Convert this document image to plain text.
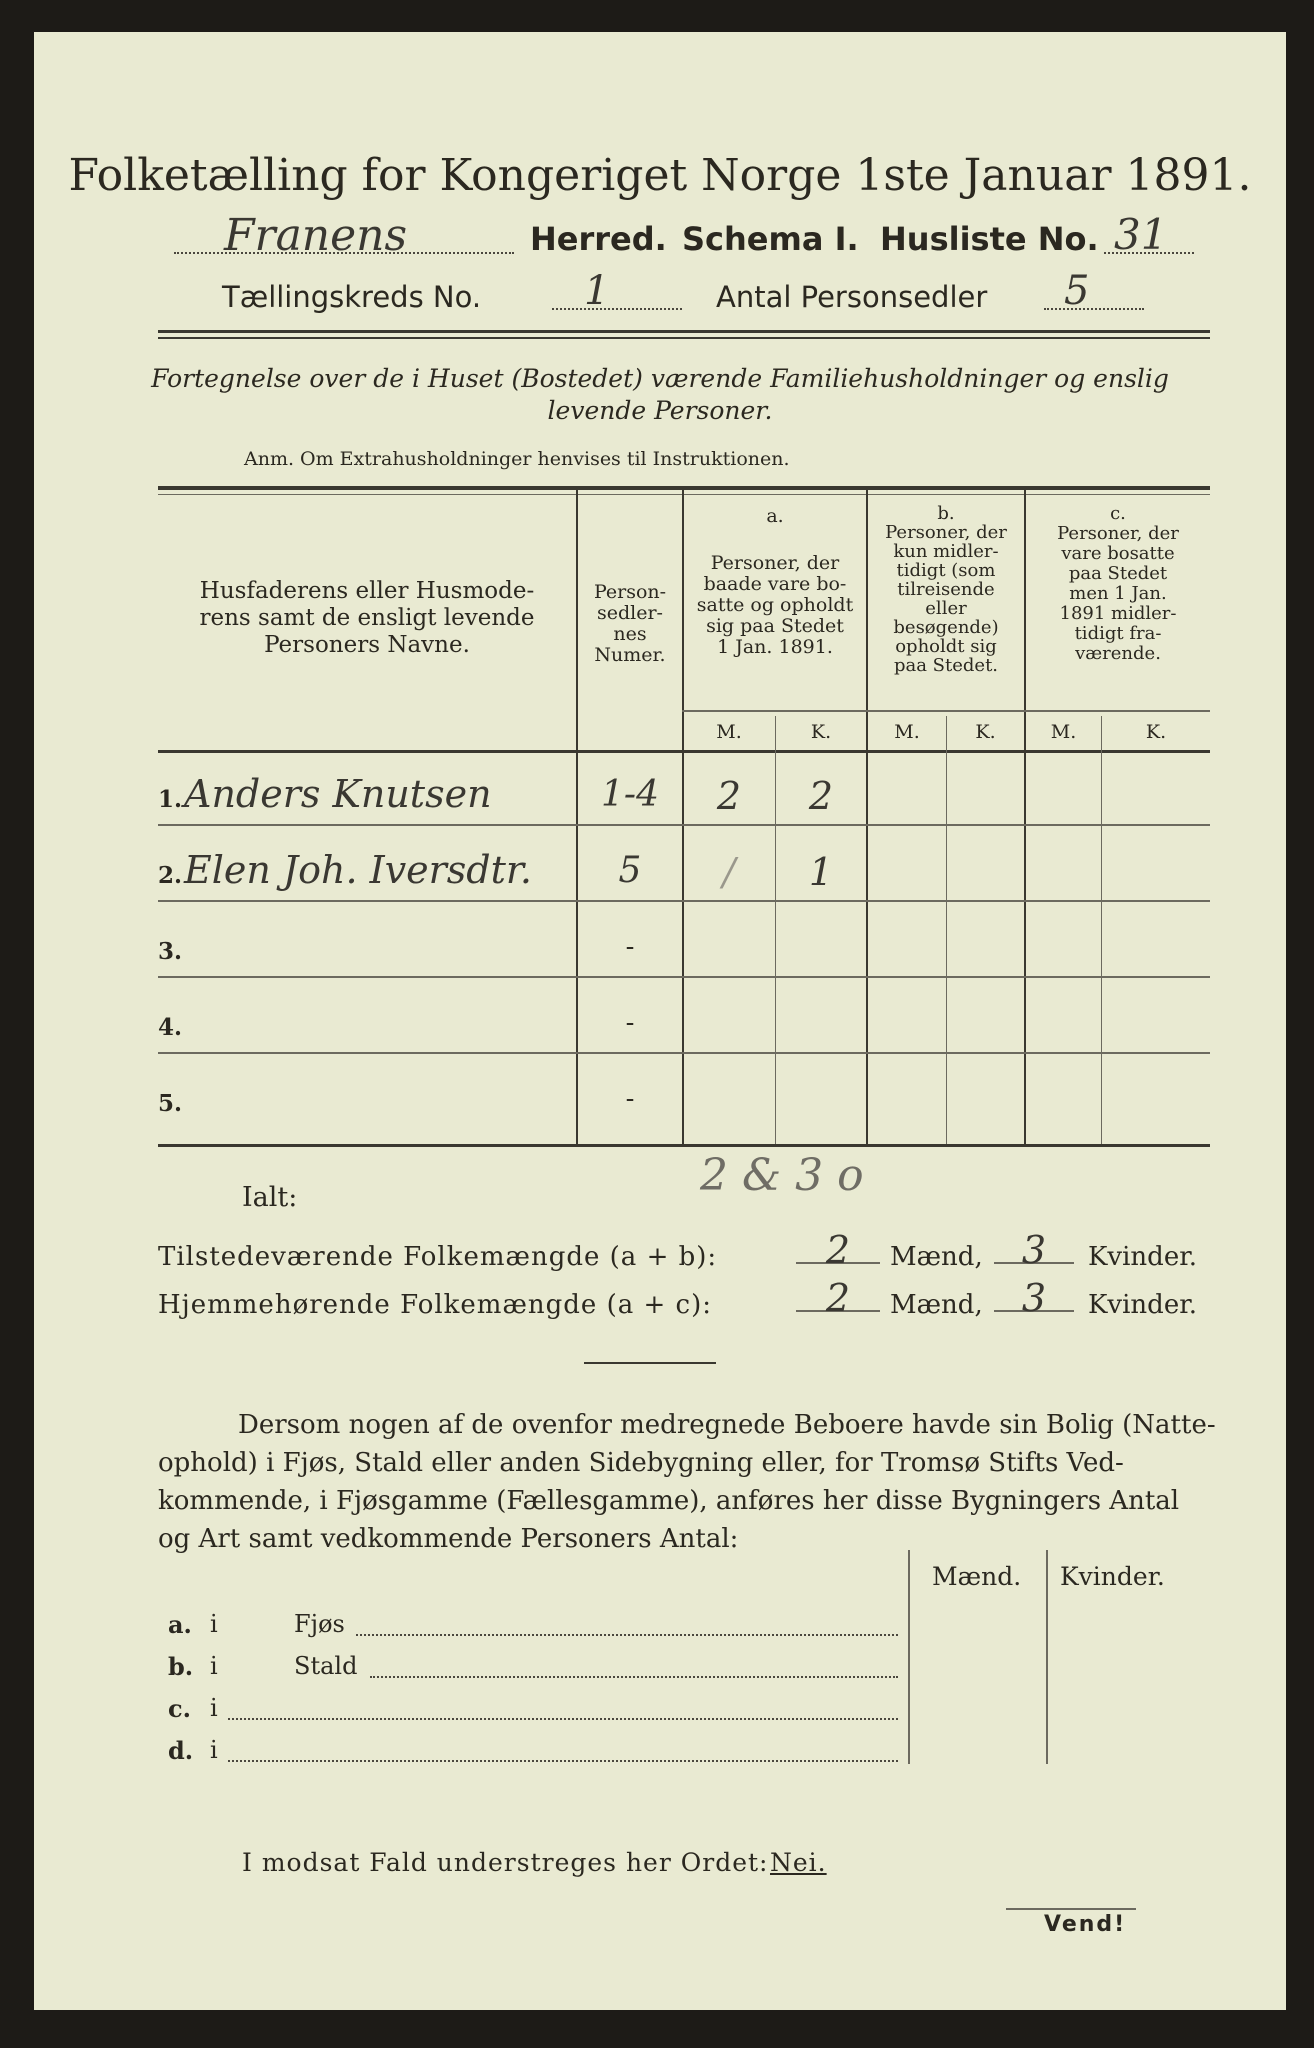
Folketælling for Kongeriget Norge 1ste Januar 1891.
Franens	Herred. Schema I. Husliste No. 31
Tællingskreds No.	1	Antal Personsedler 5
Fortegnelse over de i Huset (Bostedet) værende Familiehusholdninger og enslig
levende Personer.
Anm. Om Extrahusholdninger henvises til Instruktionen.
Husfaderens eller Husmode-
rens samt de ensligt levende
Personers Navne.
Person-
sedler-
nes
Numer.
a.
Personer, der
baade vare bo-
satte og opholdt
sig paa Stedet
1 Jan. 1891.
b.
Personer, der
kun midler-
tidigt (som
tilreisende
eller
besøgende)
opholdt sig
paa Stedet.
c.
Personer, der
vare bosatte
paa Stedet
men 1 Jan.
1891 midler-
tidigt fra-
værende.
M.	K.	M.	K.	M.	K.
1. Anders Knutsen	1-4	2	2
2. Elen Joh. Iversdtr.	5	/	1
3.	-
4.	-
5.	-
Ialt:	2 & 3 o
Tilstedeværende Folkemængde (a + b):	2	Mænd,	3	Kvinder.
Hjemmehørende Folkemængde (a + c):	2	Mænd,	3	Kvinder.
Dersom nogen af de ovenfor medregnede Beboere havde sin Bolig (Natte-
ophold) i Fjøs, Stald eller anden Sidebygning eller, for Tromsø Stifts Ved-
kommende, i Fjøsgamme (Fællesgamme), anføres her disse Bygningers Antal
og Art samt vedkommende Personers Antal:
Mænd. Kvinder.
a. i	Fjøs
b. i	Stald
c. i
d. i
I modsat Fald understreges her Ordet: Nei.
Vend!
